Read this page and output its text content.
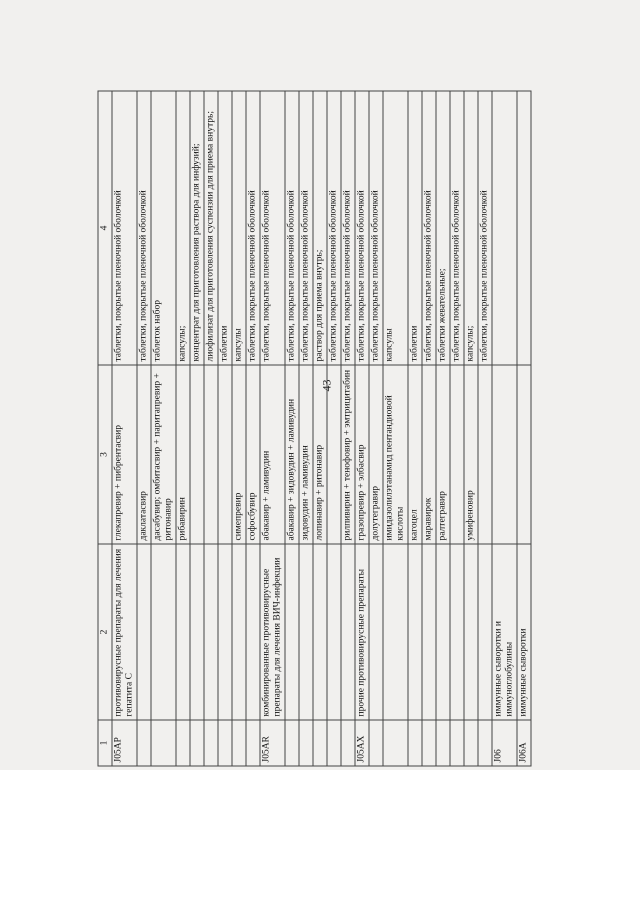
43
1	2	3	4
J05AP	противовирусные препараты для лечения гепатита С	глекапревир + пибрентасвир	таблетки, покрытые пленочной оболочкой
		даклатасвир	таблетки, покрытые пленочной оболочкой
		дасабувир; омбитасвир + паритапревир + ритонавир	таблеток набор
		рибавирин	капсулы;
			концентрат для приготовления раствора для инфузий;
			лиофилизат для приготовления суспензии для приема внутрь;
			таблетки
		симепревир	капсулы
		софосбувир	таблетки, покрытые пленочной оболочкой
J05AR	комбинированные противовирусные препараты для лечения ВИЧ-инфекции	абакавир + ламивудин	таблетки, покрытые пленочной оболочкой
		абакавир + зидовудин + ламивудин	таблетки, покрытые пленочной оболочкой
		зидовудин + ламивудин	таблетки, покрытые пленочной оболочкой
		лопинавир + ритонавир	раствор для приема внутрь;
			таблетки, покрытые пленочной оболочкой
		рилпивирин + тенофовир + эмтрицитабин	таблетки, покрытые пленочной оболочкой
J05AX	прочие противовирусные препараты	гразопревир + элбасвир	таблетки, покрытые пленочной оболочкой
		долутегравир	таблетки, покрытые пленочной оболочкой
		имидазолилэтанамид пентандиовой кислоты	капсулы
		кагоцел	таблетки
		маравирок	таблетки, покрытые пленочной оболочкой
		ралтегравир	таблетки жевательные;
			таблетки, покрытые пленочной оболочкой
		умифеновир	капсулы;
			таблетки, покрытые пленочной оболочкой
J06	иммунные сыворотки и иммуноглобулины		
J06A	иммунные сыворотки		
